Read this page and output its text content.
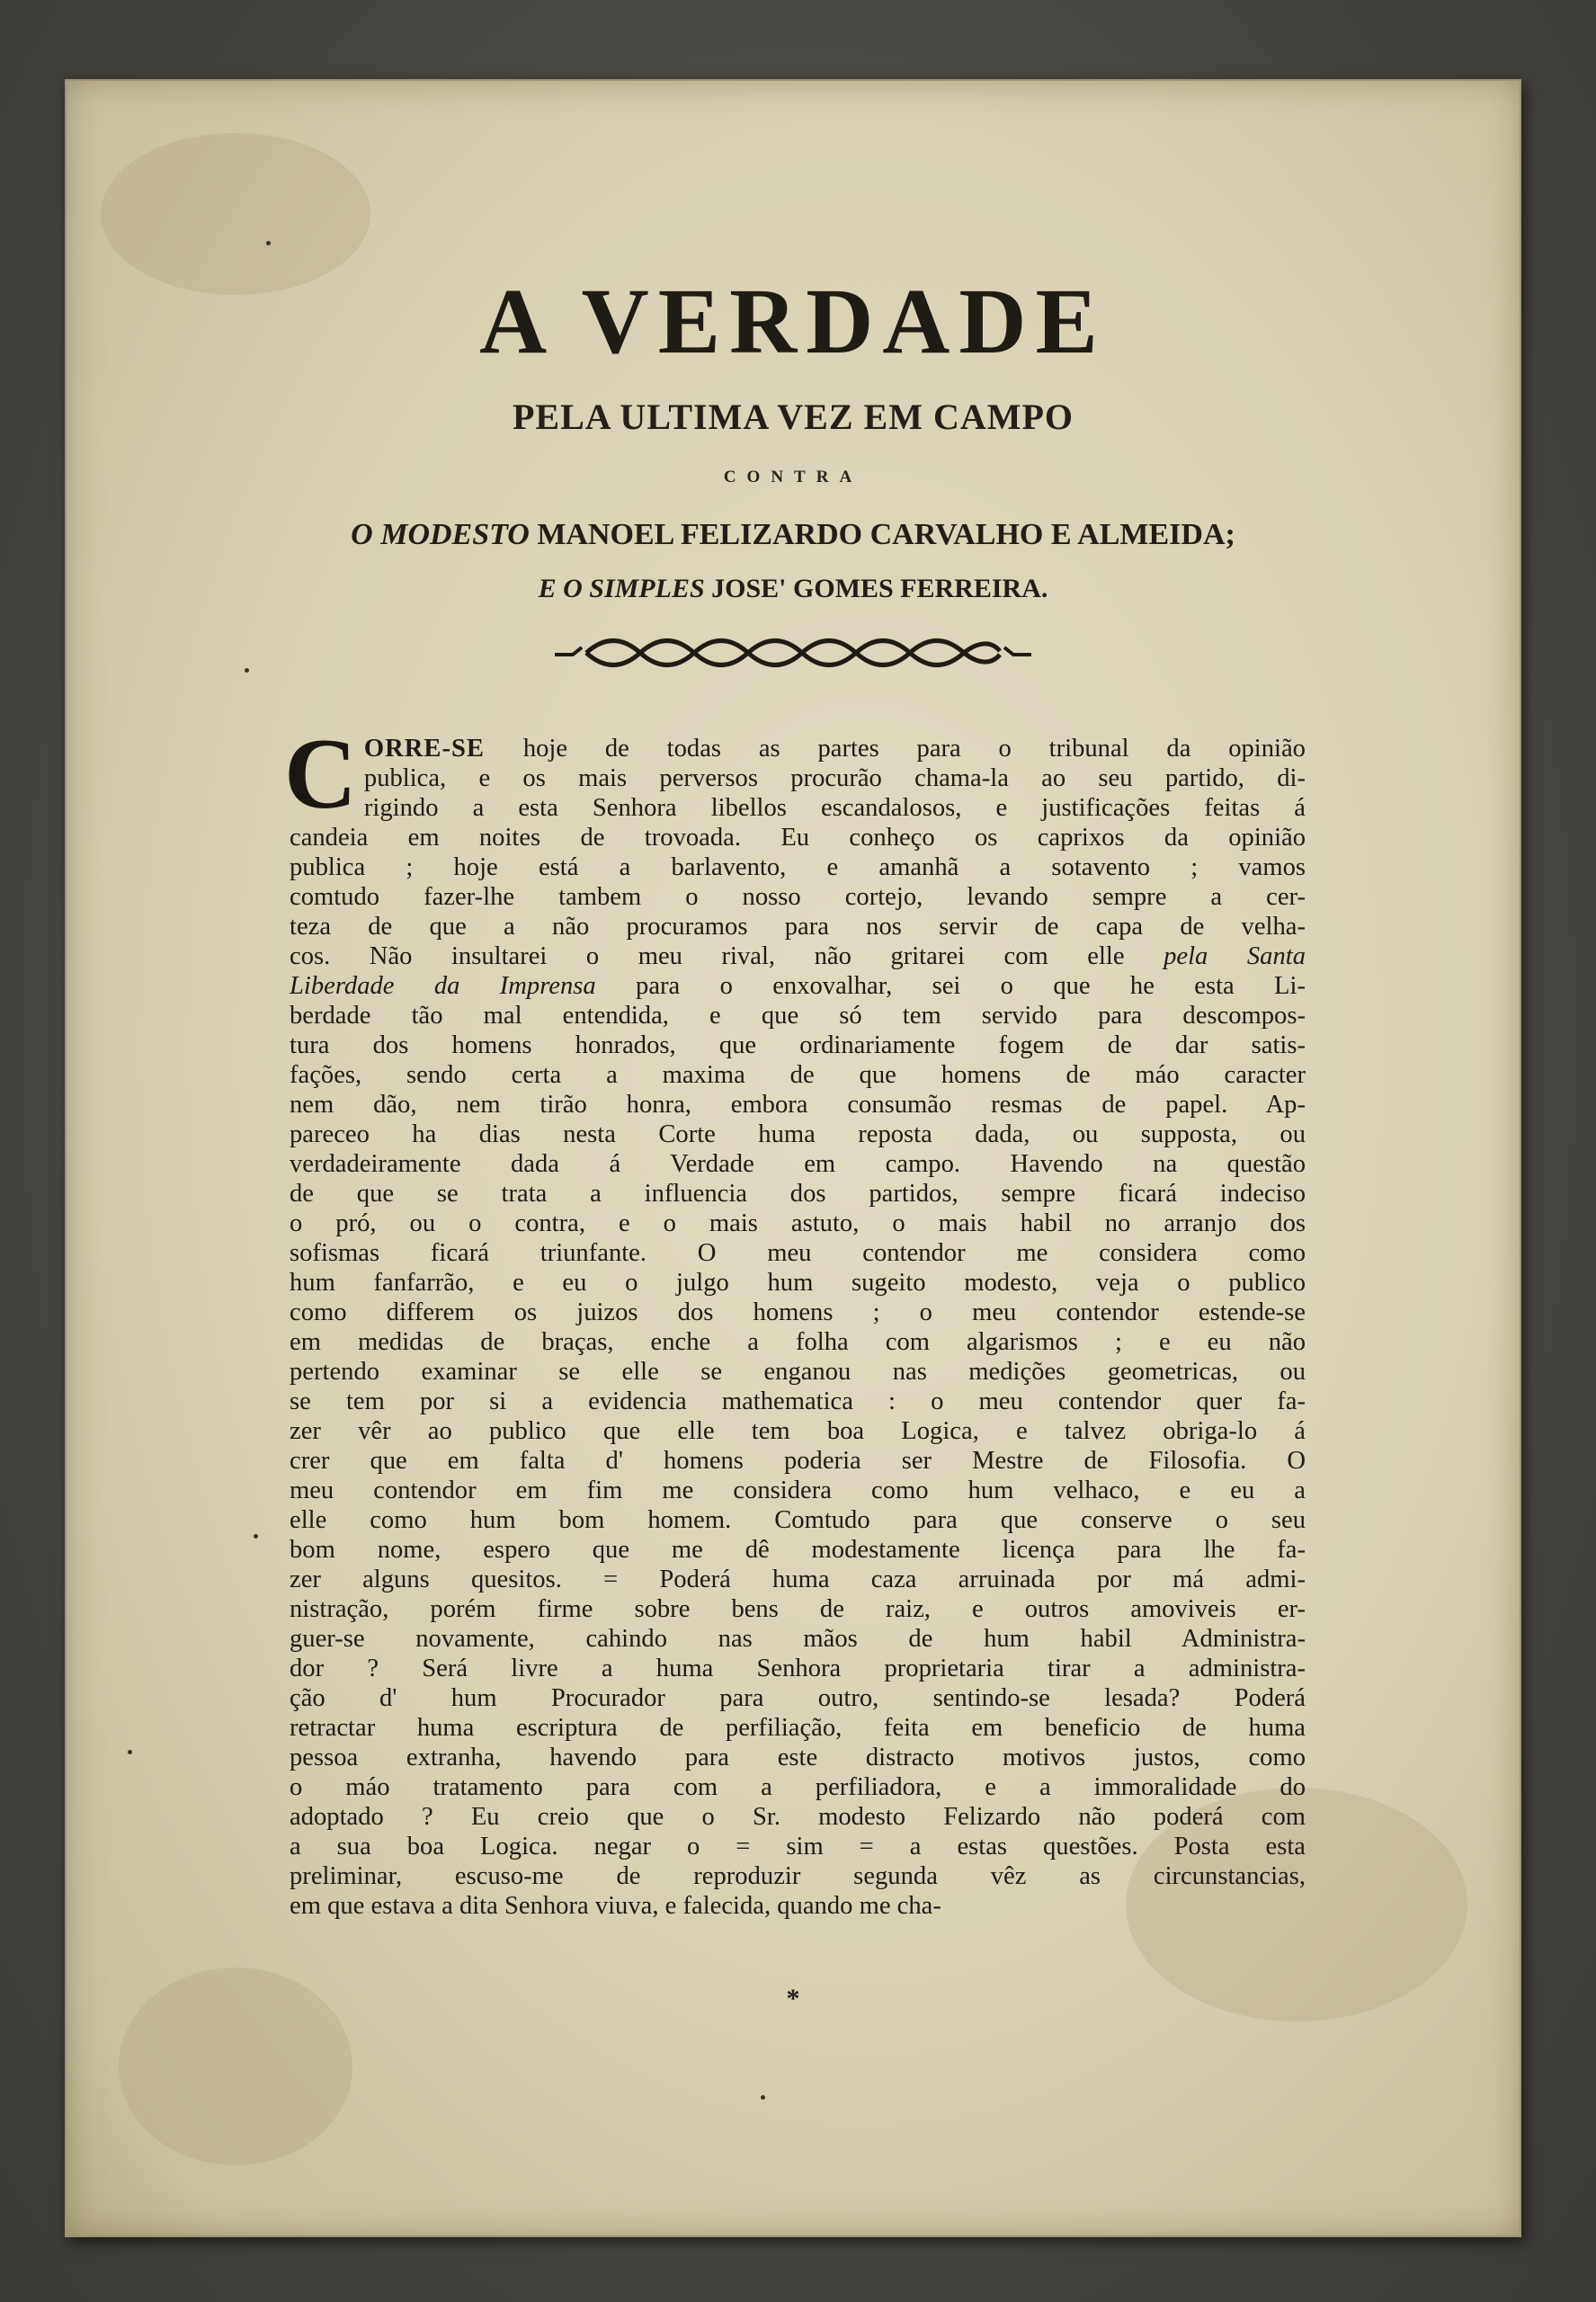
A VERDADE
PELA ULTIMA VEZ EM CAMPO
CONTRA
O MODESTO MANOEL FELIZARDO CARVALHO E ALMEIDA;
E O SIMPLES JOSE' GOMES FERREIRA.
C ORRE-SE hoje de todas as partes para o tribunal da opinião
publica, e os mais perversos procurão chama-la ao seu partido, di-
rigindo a esta Senhora libellos escandalosos, e justificações feitas á
candeia em noites de trovoada. Eu conheço os caprixos da opinião
publica ; hoje está a barlavento, e amanhã a sotavento ; vamos
comtudo fazer-lhe tambem o nosso cortejo, levando sempre a cer-
teza de que a não procuramos para nos servir de capa de velha-
cos. Não insultarei o meu rival, não gritarei com elle pela Santa
Liberdade da Imprensa para o enxovalhar, sei o que he esta Li-
berdade tão mal entendida, e que só tem servido para descompos-
tura dos homens honrados, que ordinariamente fogem de dar satis-
fações, sendo certa a maxima de que homens de máo caracter
nem dão, nem tirão honra, embora consumão resmas de papel. Ap-
pareceo ha dias nesta Corte huma reposta dada, ou supposta, ou
verdadeiramente dada á Verdade em campo. Havendo na questão
de que se trata a influencia dos partidos, sempre ficará indeciso
o pró, ou o contra, e o mais astuto, o mais habil no arranjo dos
sofismas ficará triunfante. O meu contendor me considera como
hum fanfarrão, e eu o julgo hum sugeito modesto, veja o publico
como differem os juizos dos homens ; o meu contendor estende-se
em medidas de braças, enche a folha com algarismos ; e eu não
pertendo examinar se elle se enganou nas medições geometricas, ou
se tem por si a evidencia mathematica : o meu contendor quer fa-
zer vêr ao publico que elle tem boa Logica, e talvez obriga-lo á
crer que em falta d' homens poderia ser Mestre de Filosofia. O
meu contendor em fim me considera como hum velhaco, e eu a
elle como hum bom homem. Comtudo para que conserve o seu
bom nome, espero que me dê modestamente licença para lhe fa-
zer alguns quesitos. = Poderá huma caza arruinada por má admi-
nistração, porém firme sobre bens de raiz, e outros amoviveis er-
guer-se novamente, cahindo nas mãos de hum habil Administra-
dor ? Será livre a huma Senhora proprietaria tirar a administra-
ção d' hum Procurador para outro, sentindo-se lesada? Poderá
retractar huma escriptura de perfiliação, feita em beneficio de huma
pessoa extranha, havendo para este distracto motivos justos, como
o máo tratamento para com a perfiliadora, e a immoralidade do
adoptado ? Eu creio que o Sr. modesto Felizardo não poderá com
a sua boa Logica. negar o = sim = a estas questões. Posta esta
preliminar, escuso-me de reproduzir segunda vêz as circunstancias,
em que estava a dita Senhora viuva, e falecida, quando me cha-
*
